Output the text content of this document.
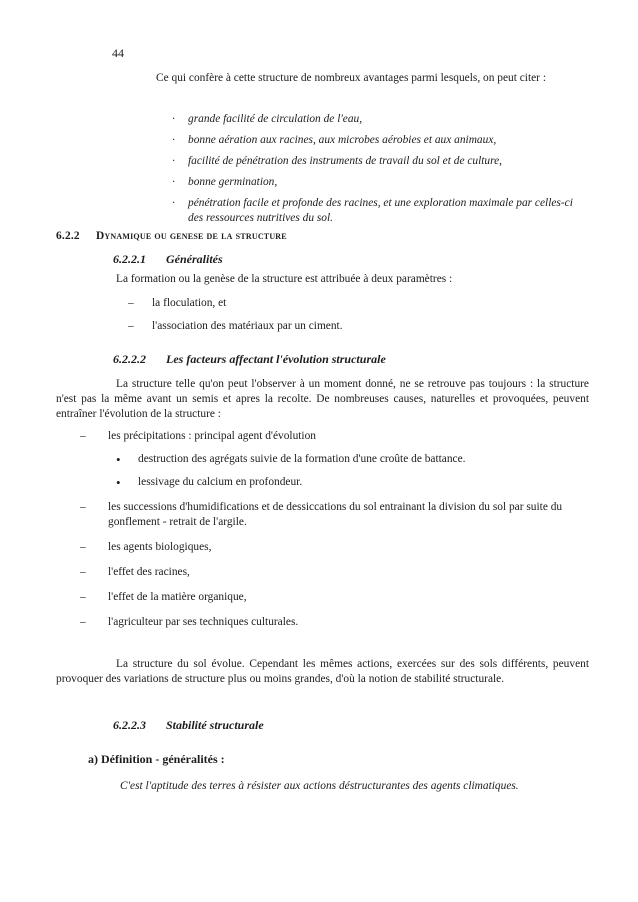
44
Ce qui confère à cette structure de nombreux avantages parmi lesquels, on peut citer :
· grande facilité de circulation de l'eau,
· bonne aération aux racines, aux microbes aérobies et aux animaux,
· facilité de pénétration des instruments de travail du sol et de culture,
· bonne germination,
· pénétration facile et profonde des racines, et une exploration maximale par celles-ci des ressources nutritives du sol.
6.2.2 Dynamique ou genese de la structure
6.2.2.1 Généralités
La formation ou la genèse de la structure est attribuée à deux paramètres :
– la floculation, et
– l'association des matériaux par un ciment.
6.2.2.2 Les facteurs affectant l'évolution structurale
La structure telle qu'on peut l'observer à un moment donné, ne se retrouve pas toujours : la structure n'est pas la même avant un semis et apres la recolte. De nombreuses causes, naturelles et provoquées, peuvent entraîner l'évolution de la structure :
– les précipitations : principal agent d'évolution
• destruction des agrégats suivie de la formation d'une croûte de battance.
• lessivage du calcium en profondeur.
– les successions d'humidifications et de dessiccations du sol entrainant la division du sol par suite du gonflement - retrait de l'argile.
– les agents biologiques,
– l'effet des racines,
– l'effet de la matière organique,
– l'agriculteur par ses techniques culturales.
La structure du sol évolue. Cependant les mêmes actions, exercées sur des sols différents, peuvent provoquer des variations de structure plus ou moins grandes, d'où la notion de stabilité structurale.
6.2.2.3 Stabilité structurale
a) Définition - généralités :
C'est l'aptitude des terres à résister aux actions déstructurantes des agents climatiques.
